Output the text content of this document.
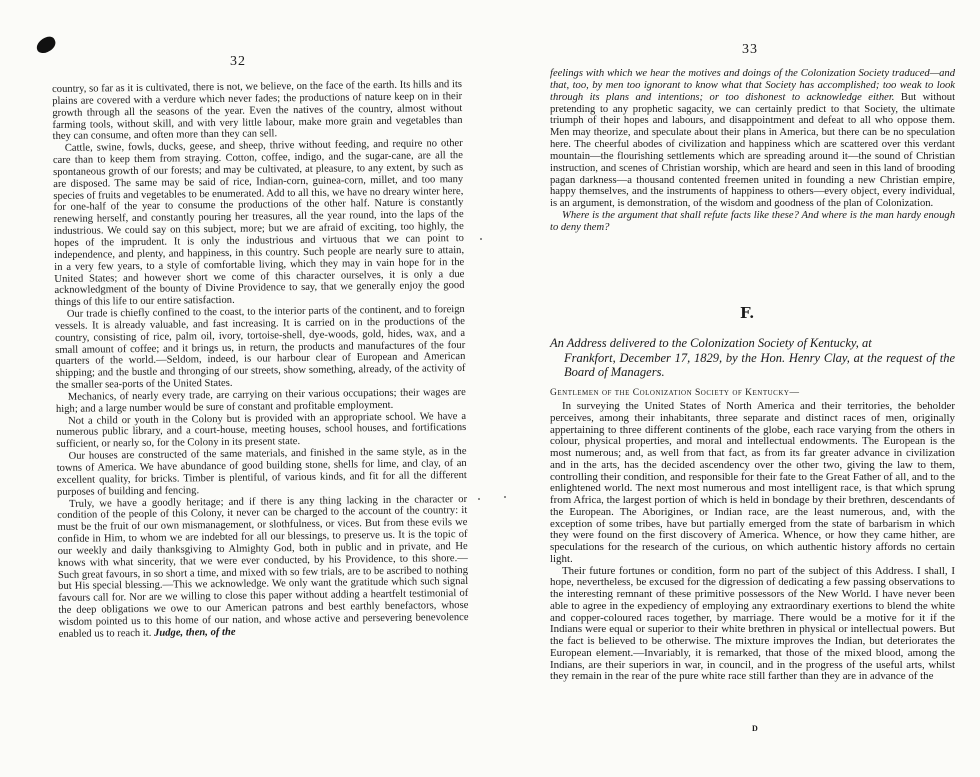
32

country, so far as it is cultivated, there is not, we believe, on the face of the earth. Its hills and its plains are covered with a verdure which never fades; the productions of nature keep on in their growth through all the seasons of the year. Even the natives of the country, almost without farming tools, without skill, and with very little labour, make more grain and vegetables than they can consume, and often more than they can sell.

Cattle, swine, fowls, ducks, geese, and sheep, thrive without feeding, and require no other care than to keep them from straying. Cotton, coffee, indigo, and the sugar-cane, are all the spontaneous growth of our forests; and may be cultivated, at pleasure, to any extent, by such as are disposed. The same may be said of rice, Indian-corn, guinea-corn, millet, and too many species of fruits and vegetables to be enumerated. Add to all this, we have no dreary winter here, for one-half of the year to consume the productions of the other half. Nature is constantly renewing herself, and constantly pouring her treasures, all the year round, into the laps of the industrious. We could say on this subject, more; but we are afraid of exciting, too highly, the hopes of the imprudent. It is only the industrious and virtuous that we can point to independence, and plenty, and happiness, in this country. Such people are nearly sure to attain, in a very few years, to a style of comfortable living, which they may in vain hope for in the United States; and however short we come of this character ourselves, it is only a due acknowledgment of the bounty of Divine Providence to say, that we generally enjoy the good things of this life to our entire satisfaction.

Our trade is chiefly confined to the coast, to the interior parts of the continent, and to foreign vessels. It is already valuable, and fast increasing. It is carried on in the productions of the country, consisting of rice, palm oil, ivory, tortoise-shell, dye-woods, gold, hides, wax, and a small amount of coffee; and it brings us, in return, the products and manufactures of the four quarters of the world.—Seldom, indeed, is our harbour clear of European and American shipping; and the bustle and thronging of our streets, show something, already, of the activity of the smaller sea-ports of the United States.

Mechanics, of nearly every trade, are carrying on their various occupations; their wages are high; and a large number would be sure of constant and profitable employment.

Not a child or youth in the Colony but is provided with an appropriate school. We have a numerous public library, and a court-house, meeting houses, school houses, and fortifications sufficient, or nearly so, for the Colony in its present state.

Our houses are constructed of the same materials, and finished in the same style, as in the towns of America. We have abundance of good building stone, shells for lime, and clay, of an excellent quality, for bricks. Timber is plentiful, of various kinds, and fit for all the different purposes of building and fencing.

Truly, we have a goodly heritage; and if there is any thing lacking in the character or condition of the people of this Colony, it never can be charged to the account of the country: it must be the fruit of our own mismanagement, or slothfulness, or vices. But from these evils we confide in Him, to whom we are indebted for all our blessings, to preserve us. It is the topic of our weekly and daily thanksgiving to Almighty God, both in public and in private, and He knows with what sincerity, that we were ever conducted, by his Providence, to this shore.—Such great favours, in so short a time, and mixed with so few trials, are to be ascribed to nothing but His special blessing.—This we acknowledge. We only want the gratitude which such signal favours call for. Nor are we willing to close this paper without adding a heartfelt testimonial of the deep obligations we owe to our American patrons and best earthly benefactors, whose wisdom pointed us to this home of our nation, and whose active and persevering benevolence enabled us to reach it. Judge, then, of the

33

feelings with which we hear the motives and doings of the Colonization Society traduced—and that, too, by men too ignorant to know what that Society has accomplished; too weak to look through its plans and intentions; or too dishonest to acknowledge either. But without pretending to any prophetic sagacity, we can certainly predict to that Society, the ultimate triumph of their hopes and labours, and disappointment and defeat to all who oppose them. Men may theorize, and speculate about their plans in America, but there can be no speculation here. The cheerful abodes of civilization and happiness which are scattered over this verdant mountain—the flourishing settlements which are spreading around it—the sound of Christian instruction, and scenes of Christian worship, which are heard and seen in this land of brooding pagan darkness—a thousand contented freemen united in founding a new Christian empire, happy themselves, and the instruments of happiness to others—every object, every individual, is an argument, is demonstration, of the wisdom and goodness of the plan of Colonization.

Where is the argument that shall refute facts like these? And where is the man hardy enough to deny them?

F.
An Address delivered to the Colonization Society of Kentucky, at
Frankfort, December 17, 1829, by the Hon. Henry Clay, at the request of the Board of Managers.
Gentlemen of the Colonization Society of Kentucky—

In surveying the United States of North America and their territories, the beholder perceives, among their inhabitants, three separate and distinct races of men, originally appertaining to three different continents of the globe, each race varying from the others in colour, physical properties, and moral and intellectual endowments. The European is the most numerous; and, as well from that fact, as from its far greater advance in civilization and in the arts, has the decided ascendency over the other two, giving the law to them, controlling their condition, and responsible for their fate to the Great Father of all, and to the enlightened world. The next most numerous and most intelligent race, is that which sprung from Africa, the largest portion of which is held in bondage by their brethren, descendants of the European. The Aborigines, or Indian race, are the least numerous, and, with the exception of some tribes, have but partially emerged from the state of barbarism in which they were found on the first discovery of America. Whence, or how they came hither, are speculations for the research of the curious, on which authentic history affords no certain light.

Their future fortunes or condition, form no part of the subject of this Address. I shall, I hope, nevertheless, be excused for the digression of dedicating a few passing observations to the interesting remnant of these primitive possessors of the New World. I have never been able to agree in the expediency of employing any extraordinary exertions to blend the white and copper-coloured races together, by marriage. There would be a motive for it if the Indians were equal or superior to their white brethren in physical or intellectual powers. But the fact is believed to be otherwise. The mixture improves the Indian, but deteriorates the European element.—Invariably, it is remarked, that those of the mixed blood, among the Indians, are their superiors in war, in council, and in the progress of the useful arts, whilst they remain in the rear of the pure white race still farther than they are in advance of the

D
